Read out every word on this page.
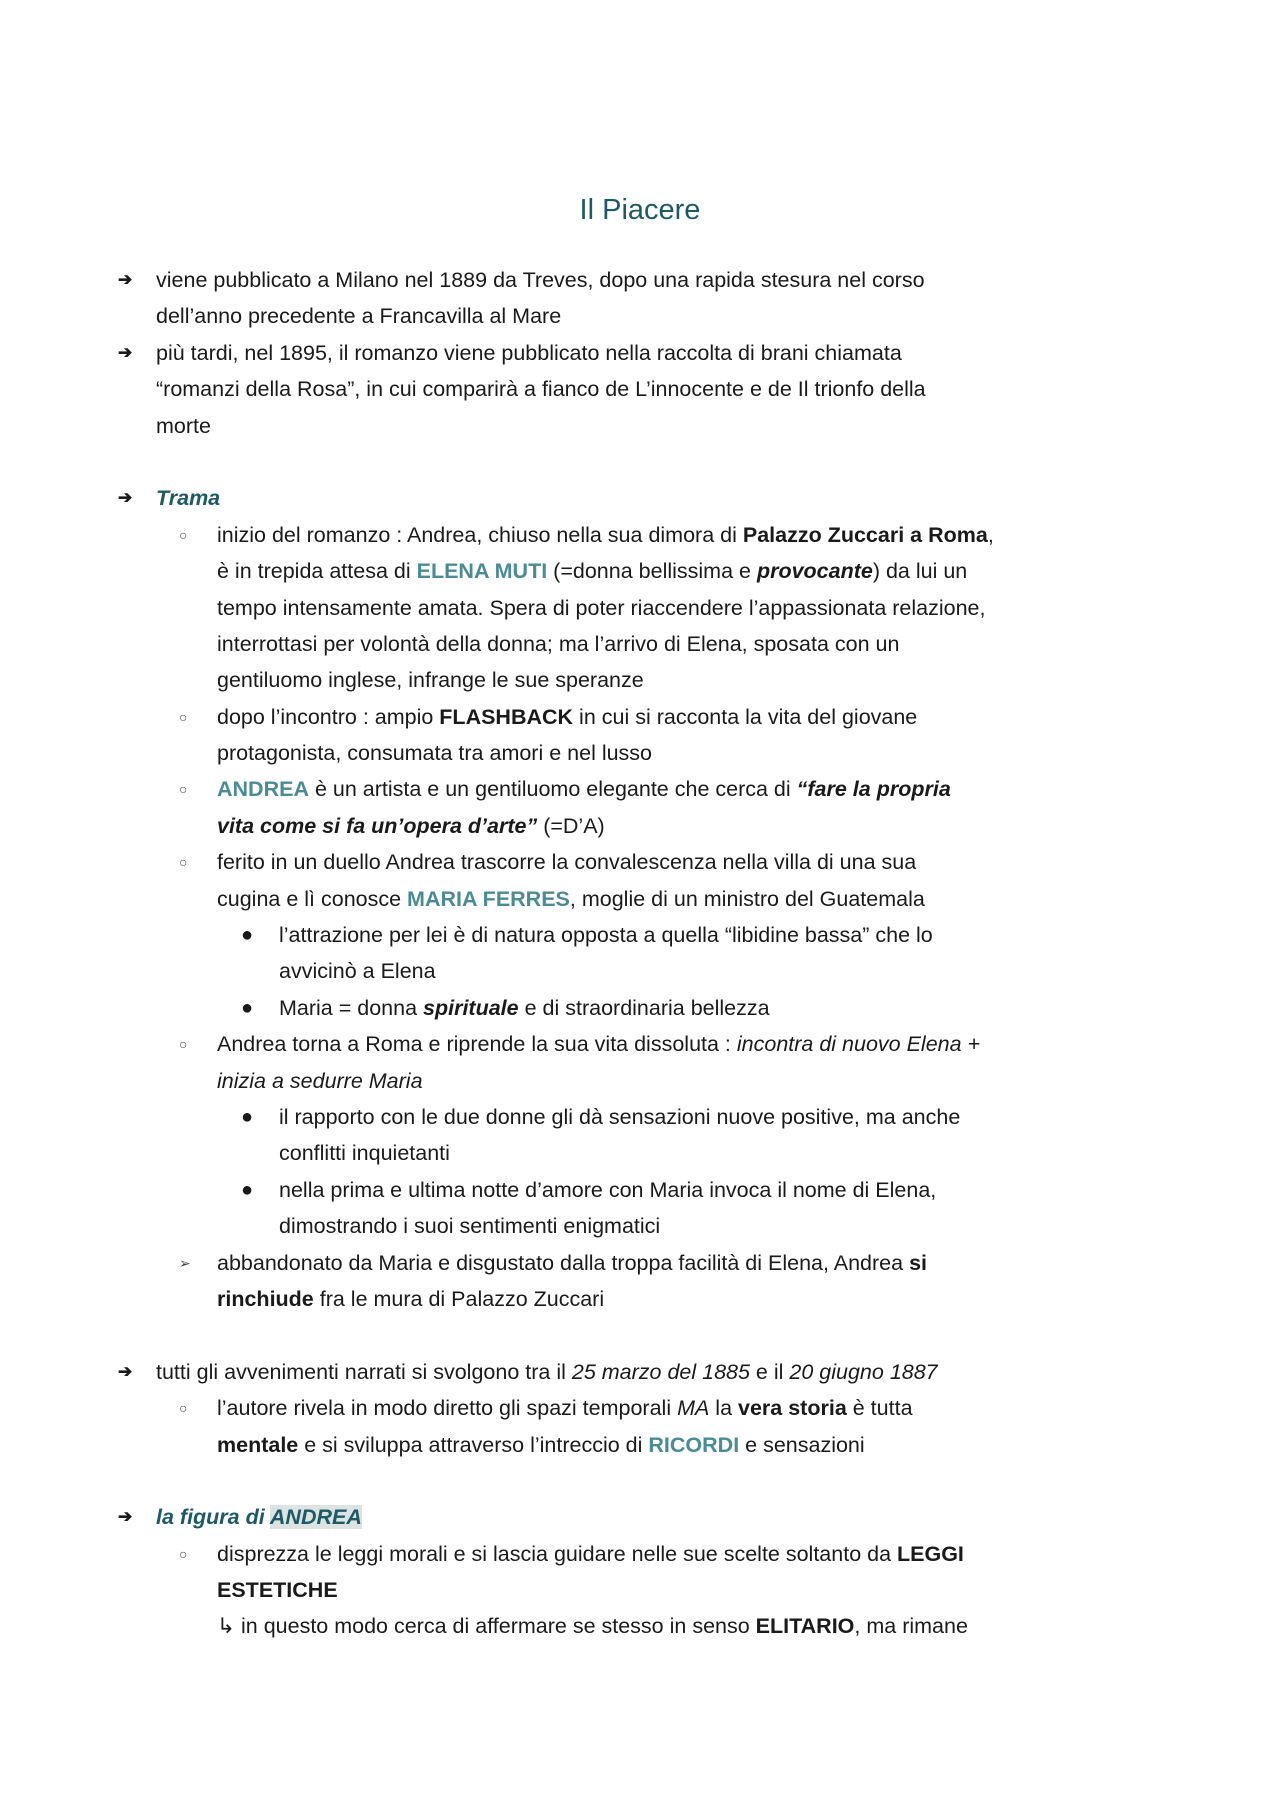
Il Piacere
➔	viene pubblicato a Milano nel 1889 da Treves, dopo una rapida stesura nel corso
dell’anno precedente a Francavilla al Mare
➔	più tardi, nel 1895, il romanzo viene pubblicato nella raccolta di brani chiamata
“romanzi della Rosa”, in cui comparirà a fianco de L’innocente e de Il trionfo della
morte
➔	Trama
○	inizio del romanzo : Andrea, chiuso nella sua dimora di Palazzo Zuccari a Roma,
è in trepida attesa di ELENA MUTI (=donna bellissima e provocante) da lui un
tempo intensamente amata. Spera di poter riaccendere l’appassionata relazione,
interrottasi per volontà della donna; ma l’arrivo di Elena, sposata con un
gentiluomo inglese, infrange le sue speranze
○	dopo l’incontro : ampio FLASHBACK in cui si racconta la vita del giovane
protagonista, consumata tra amori e nel lusso
○	ANDREA è un artista e un gentiluomo elegante che cerca di “fare la propria
vita come si fa un’opera d’arte” (=D’A)
○	ferito in un duello Andrea trascorre la convalescenza nella villa di una sua
cugina e lì conosce MARIA FERRES, moglie di un ministro del Guatemala
●	l’attrazione per lei è di natura opposta a quella “libidine bassa” che lo
avvicinò a Elena
●	Maria = donna spirituale e di straordinaria bellezza
○	Andrea torna a Roma e riprende la sua vita dissoluta : incontra di nuovo Elena +
inizia a sedurre Maria
●	il rapporto con le due donne gli dà sensazioni nuove positive, ma anche
conflitti inquietanti
●	nella prima e ultima notte d’amore con Maria invoca il nome di Elena,
dimostrando i suoi sentimenti enigmatici
➢	abbandonato da Maria e disgustato dalla troppa facilità di Elena, Andrea si
rinchiude fra le mura di Palazzo Zuccari
➔	tutti gli avvenimenti narrati si svolgono tra il 25 marzo del 1885 e il 20 giugno 1887
○	l’autore rivela in modo diretto gli spazi temporali MA la vera storia è tutta
mentale e si sviluppa attraverso l’intreccio di RICORDI e sensazioni
➔	la figura di ANDREA
○	disprezza le leggi morali e si lascia guidare nelle sue scelte soltanto da LEGGI
ESTETICHE
↳ in questo modo cerca di affermare se stesso in senso ELITARIO, ma rimane
